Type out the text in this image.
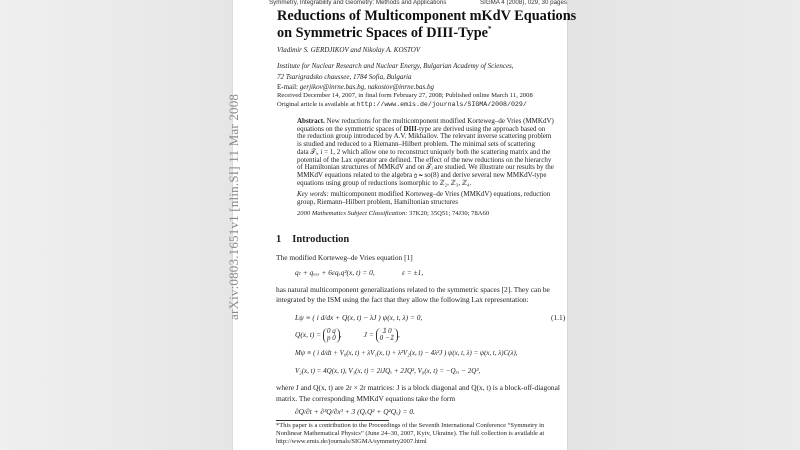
arXiv:0803.1651v1 [nlin.SI] 11 Mar 2008
Symmetry, Integrability and Geometry: Methods and Applications	SIGMA 4 (2008), 029, 30 pages
Reductions of Multicomponent mKdV Equations
on Symmetric Spaces of DIII-Type*
Vladimir S. GERDJIKOV and Nikolay A. KOSTOV
Institute for Nuclear Research and Nuclear Energy, Bulgarian Academy of Sciences,
72 Tsarigradsko chaussee, 1784 Sofia, Bulgaria
E-mail: gerjikov@inrne.bas.bg, nakostov@inrne.bas.bg
Received December 14, 2007, in final form February 27, 2008; Published online March 11, 2008
Original article is available at http://www.emis.de/journals/SIGMA/2008/029/
Abstract. New reductions for the multicomponent modified Korteweg–de Vries (MMKdV)
equations on the symmetric spaces of DIII-type are derived using the approach based on
the reduction group introduced by A.V. Mikhailov. The relevant inverse scattering problem
is studied and reduced to a Riemann–Hilbert problem. The minimal sets of scattering
data 𝒯ᵢ, i = 1, 2 which allow one to reconstruct uniquely both the scattering matrix and the
potential of the Lax operator are defined. The effect of the new reductions on the hierarchy
of Hamiltonian structures of MMKdV and on 𝒯ᵢ are studied. We illustrate our results by the
MMKdV equations related to the algebra 𝔤 ≃ so(8) and derive several new MMKdV-type
equations using group of reductions isomorphic to ℤ₂, ℤ₃, ℤ₄.
Key words: multicomponent modified Korteweg–de Vries (MMKdV) equations, reduction
group, Riemann–Hilbert problem, Hamiltonian structures
2000 Mathematics Subject Classification: 37K20; 35Q51; 74J30; 78A60
1 Introduction
The modified Korteweg–de Vries equation [1]
qₜ + qₓₓₓ + 6εqₓq²(x, t) = 0,	ε = ±1,
has natural multicomponent generalizations related to the symmetric spaces [2]. They can be
integrated by the ISM using the fact that they allow the following Lax representation:
Lψ ≡ ( i d/dx + Q(x, t) − λJ ) ψ(x, t, λ) = 0,	(1.1)
Q(x, t) = 0 q
p 0 ,	J = 𝟙 0
0 −𝟙 ,
Mψ ≡ ( i d/dt + V₀(x, t) + λV₁(x, t) + λ²V₂(x, t) − 4λ³J ) ψ(x, t, λ) = ψ(x, t, λ)C(λ),
V₂(x, t) = 4Q(x, t), V₁(x, t) = 2iJQₓ + 2JQ², V₀(x, t) = −Qₓₓ − 2Q³,
where J and Q(x, t) are 2r × 2r matrices: J is a block diagonal and Q(x, t) is a block-off-diagonal
matrix. The corresponding MMKdV equations take the form
∂Q/∂t + ∂³Q/∂x³ + 3 (QₓQ² + Q²Qₓ) = 0.
*This paper is a contribution to the Proceedings of the Seventh International Conference “Symmetry in
Nonlinear Mathematical Physics” (June 24–30, 2007, Kyiv, Ukraine). The full collection is available at
http://www.emis.de/journals/SIGMA/symmetry2007.html
